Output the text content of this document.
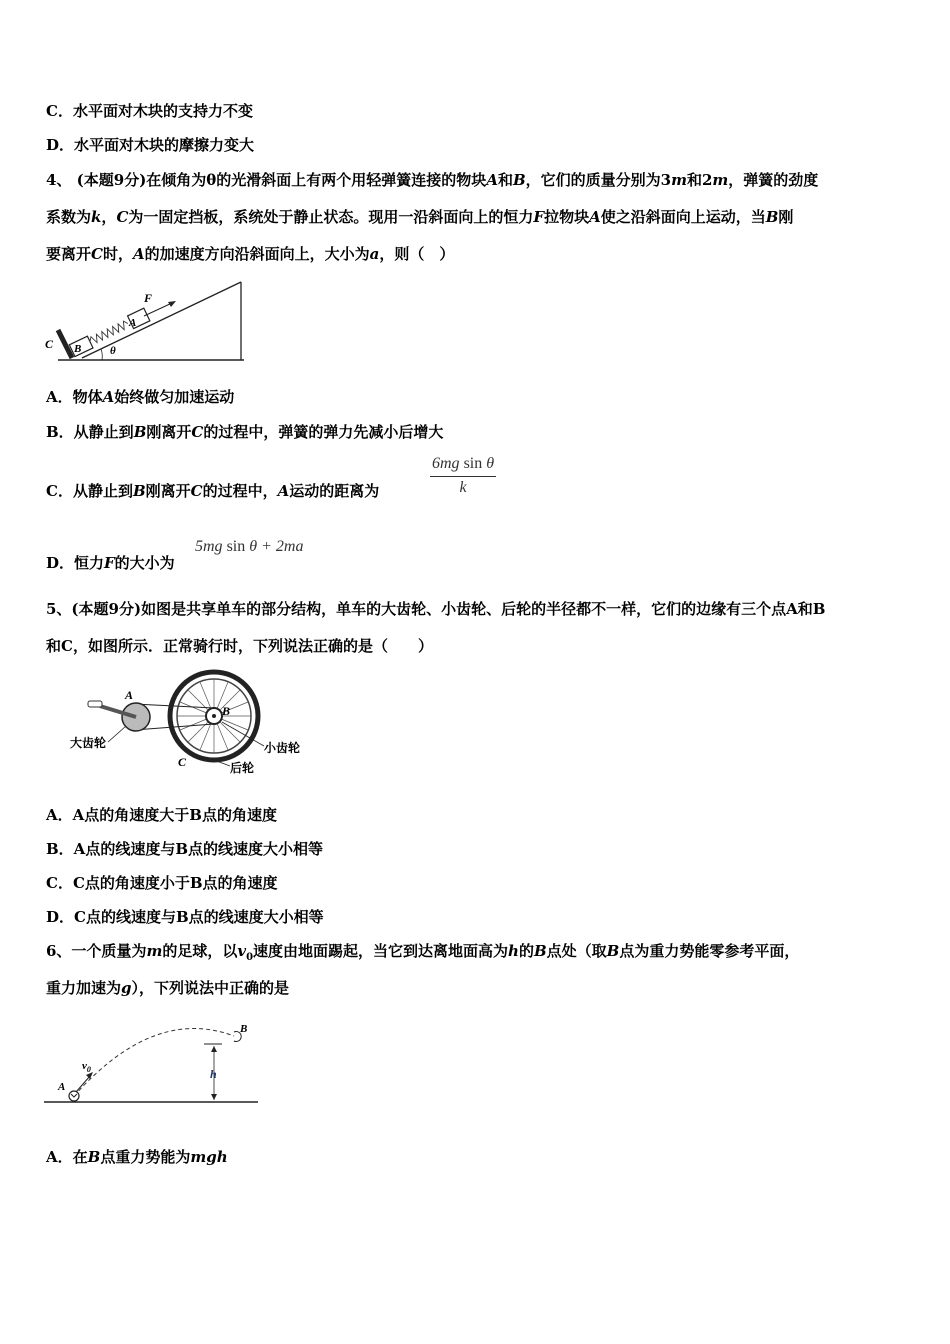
C．水平面对木块的支持力不变
D．水平面对木块的摩擦力变大
4、 (本题9分)在倾角为θ的光滑斜面上有两个用轻弹簧连接的物块A和B，它们的质量分别为3m和2m，弹簧的劲度
系数为k，C为一固定挡板，系统处于静止状态。现用一沿斜面向上的恒力F拉物块A使之沿斜面向上运动，当B刚
要离开C时，A的加速度方向沿斜面向上，大小为a，则（　）
F
A
B
C	θ
A．物体A始终做匀加速运动
B．从静止到B刚离开C的过程中，弹簧的弹力先减小后增大
C．从静止到B刚离开C的过程中，A运动的距离为	$\frac{\text{6mg sin θ}}{k}$
D．恒力F的大小为
5mg sin θ + 2ma
5、(本题9分)如图是共享单车的部分结构，单车的大齿轮、小齿轮、后轮的半径都不一样，它们的边缘有三个点A和B
和C，如图所示．正常骑行时，下列说法正确的是（　　）
A
B
C
大齿轮	小齿轮
后轮
A．A点的角速度大于B点的角速度
B．A点的线速度与B点的线速度大小相等
C．C点的角速度小于B点的角速度
D．C点的线速度与B点的线速度大小相等
6、一个质量为m的足球，以$v_0$速度由地面踢起，当它到达离地面高为h的B点处（取B点为重力势能零参考平面，
重力加速为g），下列说法中正确的是
A
B
$v_0$	h
A．在B点重力势能为mgh
